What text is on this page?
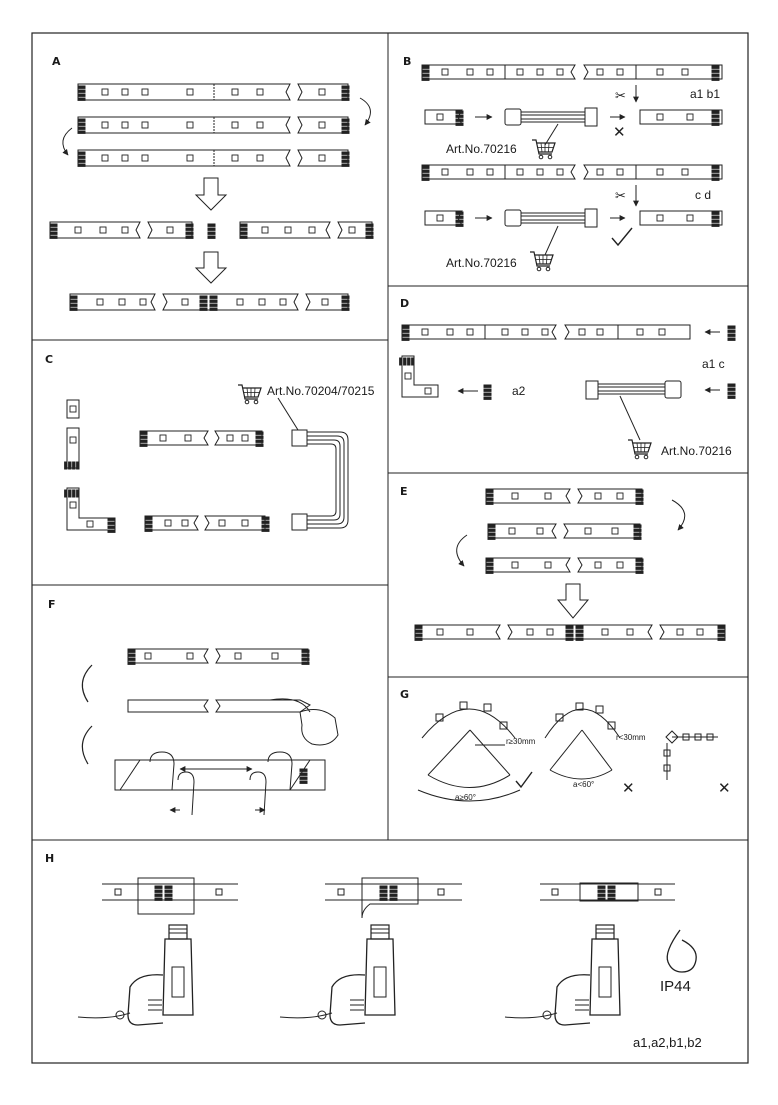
✂
✕
✂
✕	✕
A	B
C
D
E
F
G
H
a1 b1
Art.No.70216
c d
Art.No.70216
Art.No.70204/70215
a1 c
a2
Art.No.70216
r≥30mm	r<30mm
a≥60°
a<60°
IP44
a1,a2,b1,b2
